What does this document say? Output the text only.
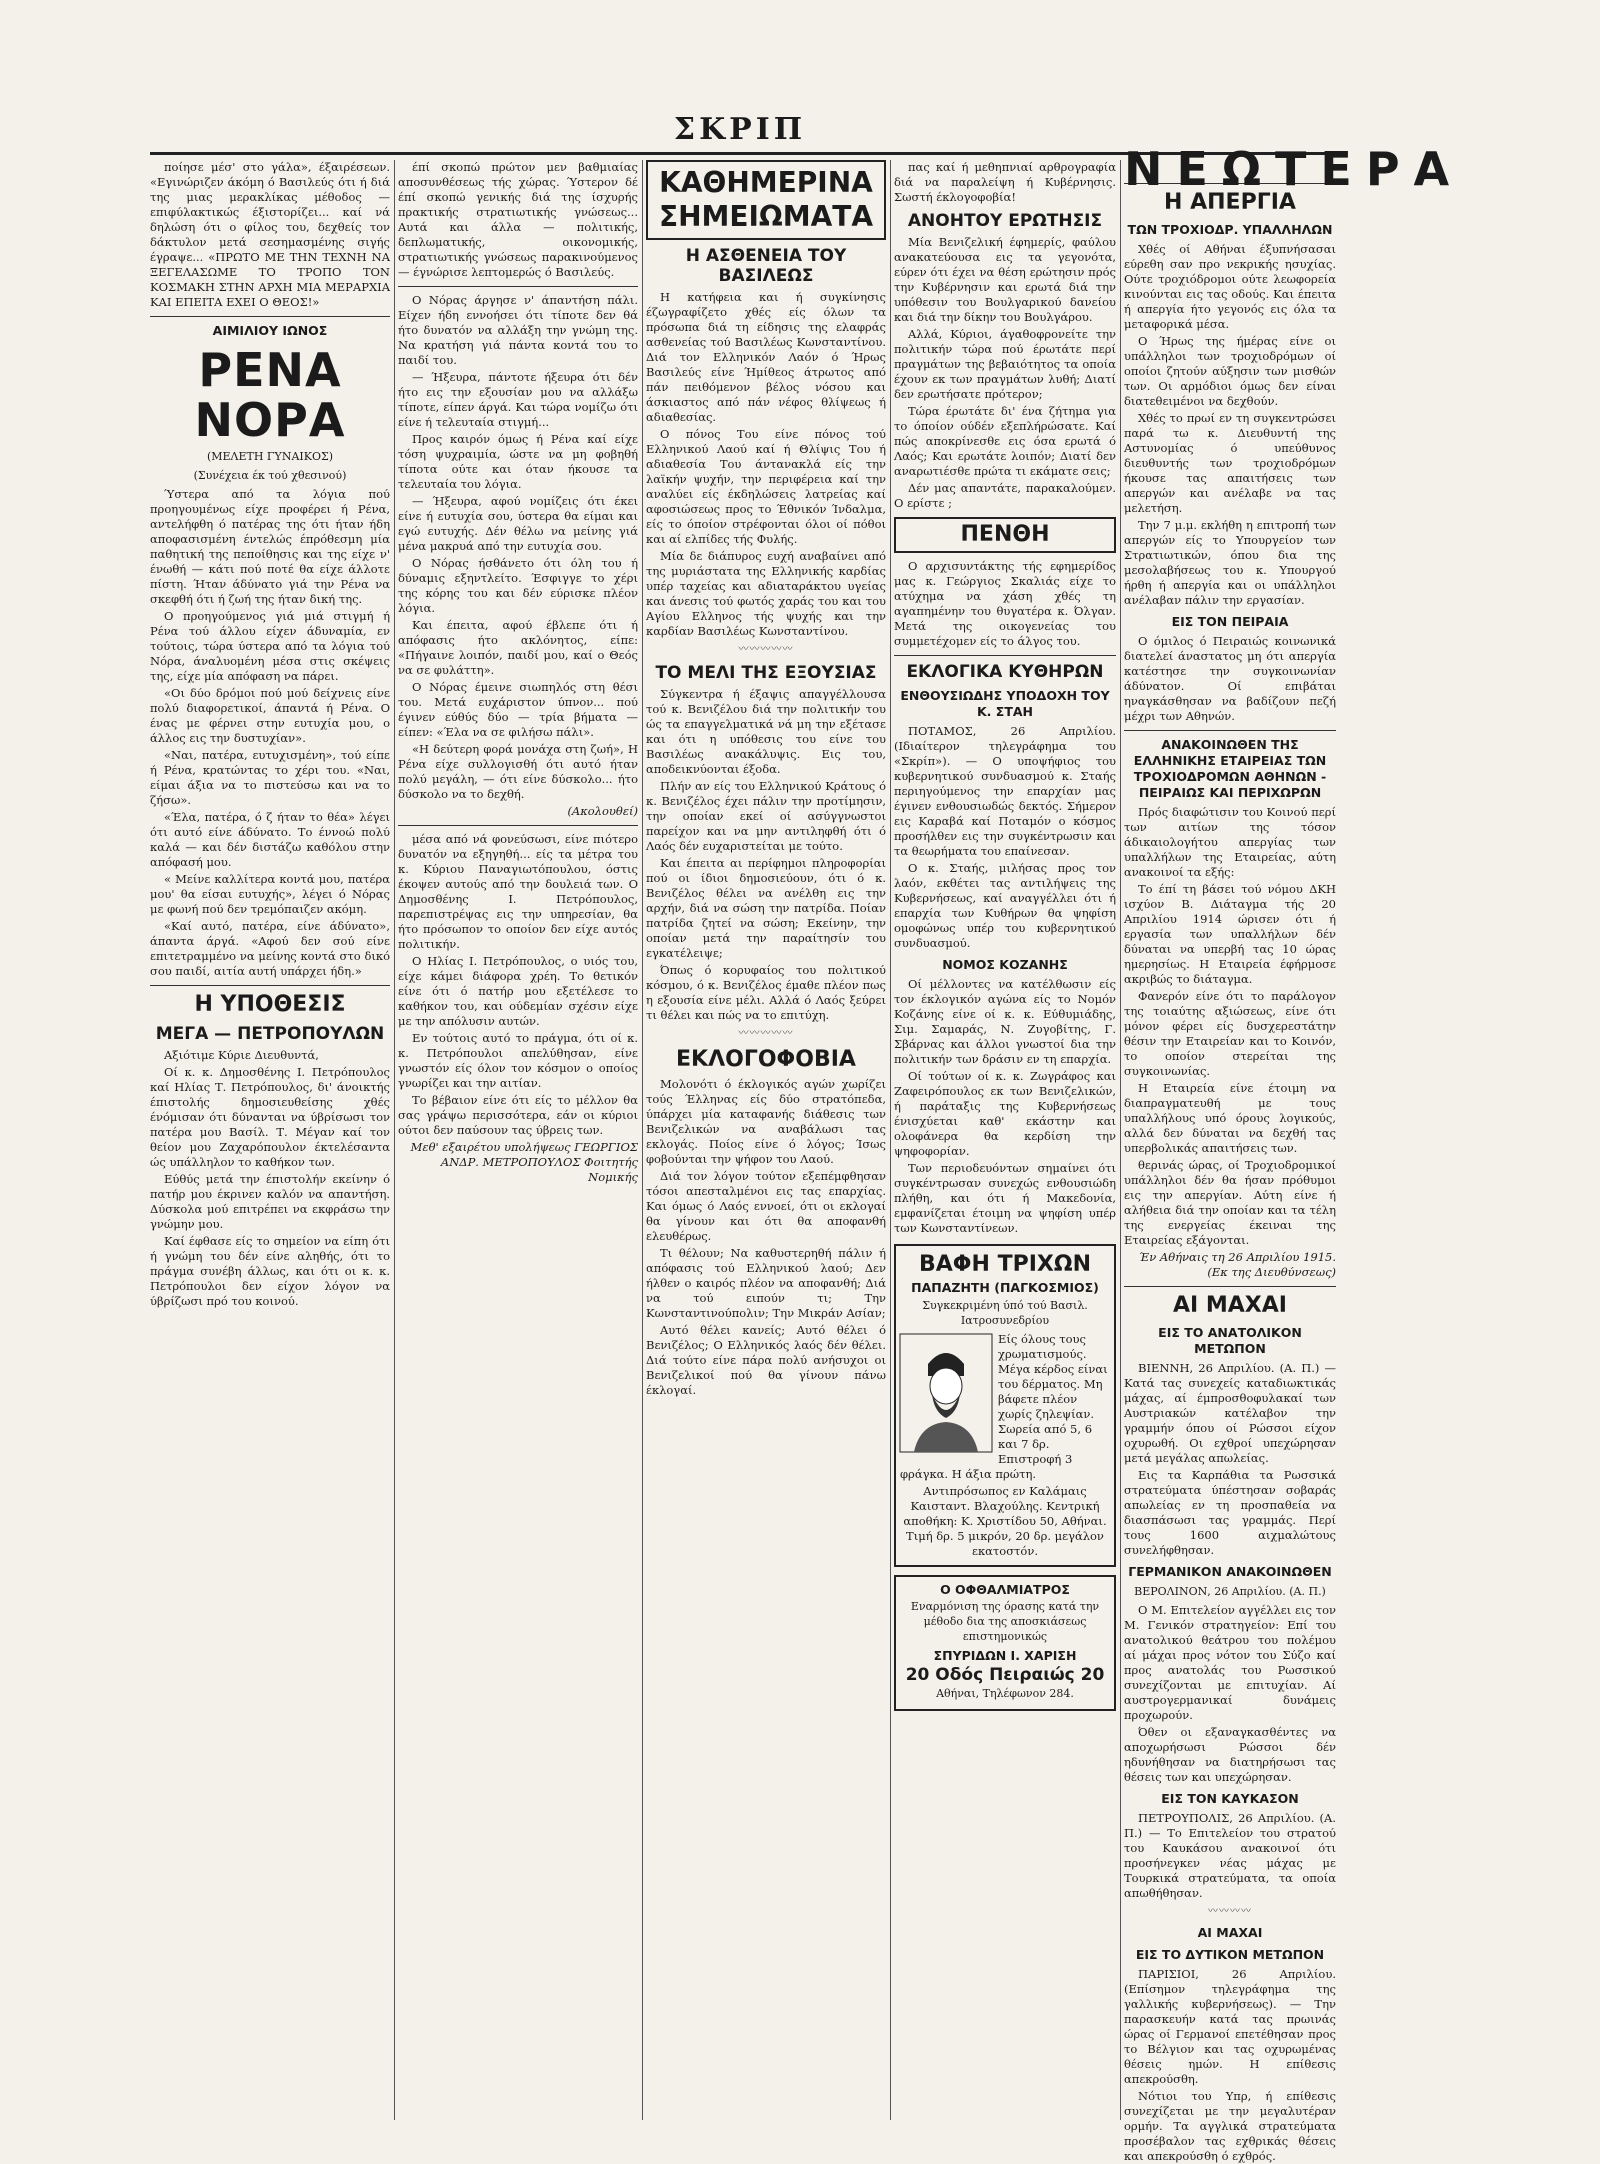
ΣΚΡΙΠ

ποίησε μέσ' στο γάλα», έξαιρέσεων. «Εγινώριζεν άκόμη ό Βασιλεύς ότι ή διά της μιας μερακλίκας μέθοδος — επιφύλακτικώς έξιστορίζει... καί νά δηλώση ότι ο φίλος του, δεχθείς τον δάκτυλον μετά σεσημασμένης σιγής έγραψε... «ΠΡΩΤΟ ΜΕ ΤΗΝ ΤΕΧΝΗ ΝΑ ΞΕΓΕΛΑΣΩΜΕ ΤΟ ΤΡΟΠΟ ΤΟΝ ΚΟΣΜΑΚΗ ΣΤΗΝ ΑΡΧΗ ΜΙΑ ΜΕΡΑΡΧΙΑ ΚΑΙ ΕΠΕΙΤΑ ΕΧΕΙ Ο ΘΕΟΣ!»

ΑΙΜΙΛΙΟΥ ΙΩΝΟΣ
ΡΕΝΑ ΝΟΡΑ
(ΜΕΛΕΤΗ ΓΥΝΑΙΚΟΣ)
(Συνέχεια έκ τού χθεσινού)

Ύστερα από τα λόγια πού προηγουμένως είχε προφέρει ή Ρένα, αντελήφθη ό πατέρας της ότι ήταν ήδη αποφασισμένη έντελώς έπρόθεσμη μία παθητική της πεποίθησις και της είχε ν' ένωθή — κάτι πού ποτέ θα είχε άλλοτε πίστη. Ήταν άδύνατο γιά την Ρένα να σκεφθή ότι ή ζωή της ήταν δική της.

Ο προηγούμενος γιά μιά στιγμή ή Ρένα τού άλλου είχεν άδυναμία, εν τούτοις, τώρα ύστερα από τα λόγια τού Νόρα, άναλυομένη μέσα στις σκέψεις της, είχε μία απόφαση να πάρει.

«Οι δύο δρόμοι πού μού δείχνεις είνε πολύ διαφορετικοί, άπαντά ή Ρένα. Ο ένας με φέρνει στην ευτυχία μου, ο άλλος εις την δυστυχίαν».

«Ναι, πατέρα, ευτυχισμένη», τού είπε ή Ρένα, κρατώντας το χέρι του. «Ναι, είμαι άξια να το πιστεύσω και να το ζήσω».

«Έλα, πατέρα, ό ζ ήταν το θέα» λέγει ότι αυτό είνε άδύνατο. Το έννοώ πολύ καλά — και δέν διστάζω καθόλου στην απόφασή μου.

« Μείνε καλλίτερα κοντά μου, πατέρα μου' θα είσαι ευτυχής», λέγει ό Νόρας με φωνή πού δεν τρεμόπαιζεν ακόμη.

«Καί αυτό, πατέρα, είνε άδύνατο», άπαντα άργά. «Αφού δεν σού είνε επιτετραμμένο να μείνης κοντά στο δικό σου παιδί, αιτία αυτή υπάρχει ήδη.»

Η ΥΠΟΘΕΣΙΣ
ΜΕΓΑ — ΠΕΤΡΟΠΟΥΛΩΝ

Αξιότιμε Κύριε Διευθυντά,

Οί κ. κ. Δημοσθένης Ι. Πετρόπουλος καί Ηλίας Τ. Πετρόπουλος, δι' άνοικτής έπιστολής δημοσιευθείσης χθές ένόμισαν ότι δύνανται να ύβρίσωσι τον πατέρα μου Βασίλ. Τ. Μέγαν καί τον θείον μου Ζαχαρόπουλον έκτελέσαντα ώς υπάλληλον το καθήκον των.

Εύθύς μετά την έπιστολήν εκείνην ό πατήρ μου έκρινεν καλόν να απαντήση. Δύσκολα μού επιτρέπει να εκφράσω την γνώμην μου.

Καί έφθασε είς το σημείον να είπη ότι ή γνώμη του δέν είνε αληθής, ότι το πράγμα συνέβη άλλως, και ότι οι κ. κ. Πετρόπουλοι δεν είχον λόγον να ύβρίζωσι πρό του κοινού.

έπί σκοπώ πρώτον μεν βαθμιαίας αποσυνθέσεως τής χώρας. Ύστερον δέ έπί σκοπώ γενικής διά της ίσχυρής πρακτικής στρατιωτικής γνώσεως... Αυτά και άλλα — πολιτικής, δεπλωματικής, οικονομικής, στρατιωτικής γνώσεως παρακινούμενος — έγνώρισε λεπτομερώς ό Βασιλεύς.

Ο Νόρας άργησε ν' άπαντήση πάλι. Είχεν ήδη εννοήσει ότι τίποτε δεν θά ήτο δυνατόν να αλλάξη την γνώμη της. Να κρατήση γιά πάντα κοντά του το παιδί του.

— Ήξευρα, πάντοτε ήξευρα ότι δέν ήτο εις την εξουσίαν μου να αλλάξω τίποτε, είπεν άργά. Και τώρα νομίζω ότι είνε ή τελευταία στιγμή...

Προς καιρόν όμως ή Ρένα καί είχε τόση ψυχραιμία, ώστε να μη φοβηθή τίποτα ούτε και όταν ήκουσε τα τελευταία του λόγια.

— Ήξευρα, αφού νομίζεις ότι έκει είνε ή ευτυχία σου, ύστερα θα είμαι και εγώ ευτυχής. Δέν θέλω να μείνης γιά μένα μακρυά από την ευτυχία σου.

Ο Νόρας ήσθάνετο ότι όλη του ή δύναμις εξηντλείτο. Έσφιγγε το χέρι της κόρης του και δέν εύρισκε πλέον λόγια.

Και έπειτα, αφού έβλεπε ότι ή απόφασις ήτο ακλόνητος, είπε: «Πήγαινε λοιπόν, παιδί μου, καί ο Θεός να σε φυλάττη».

Ο Νόρας έμεινε σιωπηλός στη θέσι του. Μετά ευχάριστον ύπνον... πού έγινεν εύθύς δύο — τρία βήματα — είπεν: «Έλα να σε φιλήσω πάλι».

«Η δεύτερη φορά μονάχα στη ζωή», Η Ρένα είχε συλλογισθή ότι αυτό ήταν πολύ μεγάλη, — ότι είνε δύσκολο... ήτο δύσκολο να το δεχθή.

(Ακολουθεί)

μέσα από νά φονεύσωσι, είνε πιότερο δυνατόν να εξηγηθή... είς τα μέτρα του κ. Κύριου Παναγιωτόπουλου, όστις έκοψεν αυτούς από την δουλειά των. Ο Δημοσθένης Ι. Πετρόπουλος, παρεπιστρέψας εις την υπηρεσίαν, θα ήτο πρόσωπον το οποίον δεν είχε αυτός πολιτικήν.

Ο Ηλίας Ι. Πετρόπουλος, ο υιός του, είχε κάμει διάφορα χρέη. Το θετικόν είνε ότι ό πατήρ μου εξετέλεσε το καθήκον του, και ούδεμίαν σχέσιν είχε με την απόλυσιν αυτών.

Εν τούτοις αυτό το πράγμα, ότι οί κ. κ. Πετρόπουλοι απελύθησαν, είνε γνωστόν είς όλον τον κόσμον ο οποίος γνωρίζει και την αιτίαν.

Το βέβαιον είνε ότι είς το μέλλον θα σας γράψω περισσότερα, εάν οι κύριοι ούτοι δεν παύσουν τας ύβρεις των.

Μεθ' εξαιρέτου υπολήψεως ΓΕΩΡΓΙΟΣ ΑΝΔΡ. ΜΕΤΡΟΠΟΥΛΟΣ Φοιτητής Νομικής
ΚΑΘΗΜΕΡΙΝΑ
ΣΗΜΕΙΩΜΑΤΑ
Η ΑΣΘΕΝΕΙΑ ΤΟΥ ΒΑΣΙΛΕΩΣ

Η κατήφεια και ή συγκίνησις έζωγραφίζετο χθές είς όλων τα πρόσωπα διά τη είδησις της ελαφράς ασθενείας τού Βασιλέως Κωνσταντίνου. Διά τον Ελληνικόν Λαόν ό Ήρως Βασιλεύς είνε Ήμίθεος άτρωτος από πάν πειθόμενον βέλος νόσου και άσκιαστος από πάν νέφος θλίψεως ή αδιαθεσίας.

Ο πόνος Του είνε πόνος τού Ελληνικού Λαού καί ή Θλίψις Του ή αδιαθεσία Του άντανακλά είς την λαϊκήν ψυχήν, την περιφέρεια καί την αναλύει είς έκδηλώσεις λατρείας καί αφοσιώσεως προς το Έθνικόν Ίνδαλμα, είς το όποίον στρέφονται όλοι οί πόθοι και αί ελπίδες τής Φυλής.

Μία δε διάπυρος ευχή αναβαίνει από της μυριάστατα της Ελληνικής καρδίας υπέρ ταχείας και αδιαταράκτου υγείας και άνεσις τού φωτός χαράς του και του Αγίου Ελληνος τής ψυχής και την καρδίαν Βασιλέως Κωνσταντίνου.

〰〰〰〰〰
ΤΟ ΜΕΛΙ ΤΗΣ ΕΞΟΥΣΙΑΣ

Σύγκεντρα ή έξαψις απαγγέλλουσα τού κ. Βενιζέλου διά την πολιτικήν του ώς τα επαγγελματικά νά μη την εξέτασε και ότι η υπόθεσις του είνε του Βασιλέως ανακάλυψις. Εις του, αποδεικνύονται έξοδα.

Πλήν αν είς του Ελληνικού Κράτους ό κ. Βενιζέλος έχει πάλιν την προτίμησιν, την οποίαν εκεί οί ασύγγνωστοι παρείχον και να μην αντιληφθή ότι ό Λαός δέν ευχαριστείται με τούτο.

Και έπειτα αι περίφημοι πληροφορίαι πού οι ίδιοι δημοσιεύουν, ότι ό κ. Βενιζέλος θέλει να ανέλθη εις την αρχήν, διά να σώση την πατρίδα. Ποίαν πατρίδα ζητεί να σώση; Εκείνην, την οποίαν μετά την παραίτησίν του εγκατέλειψε;

Όπως ό κορυφαίος του πολιτικού κόσμου, ό κ. Βενιζέλος έμαθε πλέον πως η εξουσία είνε μέλι. Αλλά ό Λαός ξεύρει τι θέλει και πώς να το επιτύχη.

〰〰〰〰〰
ΕΚΛΟΓΟΦΟΒΙΑ

Μολονότι ό έκλογικός αγών χωρίζει τούς Έλληνας είς δύο στρατόπεδα, ύπάρχει μία καταφανής διάθεσις των Βενιζελικών να αναβάλωσι τας εκλογάς. Ποίος είνε ό λόγος; Ίσως φοβούνται την ψήφον του Λαού.

Διά τον λόγον τούτον εξεπέμφθησαν τόσοι απεσταλμένοι εις τας επαρχίας. Και όμως ό Λαός εννοεί, ότι οι εκλογαί θα γίνουν και ότι θα αποφανθή ελευθέρως.

Τι θέλουν; Να καθυστερηθή πάλιν ή απόφασις τού Ελληνικού λαού; Δεν ήλθεν ο καιρός πλέον να αποφανθή; Διά να τού ειπούν τι; Την Κωνσταντινούπολιν; Την Μικράν Ασίαν;

Αυτό θέλει κανείς; Αυτό θέλει ό Βενιζέλος; Ο Ελληνικός λαός δέν θέλει. Διά τούτο είνε πάρα πολύ ανήσυχοι οι Βενιζελικοί πού θα γίνουν πάνω έκλογαί.

πας καί ή μεθηπνιαί αρθρογραφία διά να παραλείψη ή Κυβέρνησις. Σωστή έκλογοφοβία!

ΑΝΟΗΤΟΥ ΕΡΩΤΗΣΙΣ

Μία Βενιζελική έφημερίς, φαύλου ανακατεύουσα εις τα γεγονότα, εύρεν ότι έχει να θέση ερώτησιν πρός την Κυβέρνησιν και ερωτά διά την υπόθεσιν του Βουλγαρικού δανείου και διά την δίκην του Βουλγάρου.

Αλλά, Κύριοι, άγαθοφρονείτε την πολιτικήν τώρα πού έρωτάτε περί πραγμάτων της βεβαιότητος τα οποία έχουν εκ των πραγμάτων λυθή; Διατί δεν ερωτήσατε πρότερον;

Τώρα έρωτάτε δι' ένα ζήτημα για το όποίον ούδέν εξεπλήρώσατε. Καί πώς αποκρίνεσθε εις όσα ερωτά ό Λαός; Και ερωτάτε λοιπόν; Διατί δεν αναρωτιέσθε πρώτα τι εκάματε σεις;

Δέν μας απαντάτε, παρακαλούμεν. Ο ερίστε ;

ΠΕΝΘΗ

Ο αρχισυντάκτης τής εφημερίδος μας κ. Γεώργιος Σκαλιάς είχε το ατύχημα να χάση χθές τη αγαπημένην του θυγατέρα κ. Όλγαν. Μετά της οικογενείας του συμμετέχομεν είς το άλγος του.

ΕΚΛΟΓΙΚΑ ΚΥΘΗΡΩΝ
ΕΝΘΟΥΣΙΩΔΗΣ ΥΠΟΔΟΧΗ ΤΟΥ Κ. ΣΤΑΗ

ΠΟΤΑΜΟΣ, 26 Απριλίου. (Ιδιαίτερον τηλεγράφημα του «Σκρίπ»). — Ο υποψήφιος του κυβερνητικού συνδυασμού κ. Σταής περιηγούμενος την επαρχίαν μας έγινεν ενθουσιωδώς δεκτός. Σήμερον εις Καραβά καί Ποταμόν ο κόσμος προσήλθεν εις την συγκέντρωσιν και τα θεωρήματα του επαίνεσαν.

Ο κ. Σταής, μιλήσας προς τον λαόν, εκθέτει τας αντιλήψεις της Κυβερνήσεως, καί αναγγέλλει ότι ή επαρχία των Κυθήρων θα ψηφίση ομοφώνως υπέρ του κυβερνητικού συνδυασμού.

ΝΟΜΟΣ ΚΟΖΑΝΗΣ

Οί μέλλοντες να κατέλθωσιν είς τον έκλογικόν αγώνα είς το Νομόν Κοζάνης είνε οί κ. κ. Εύθυμιάδης, Σιμ. Σαμαράς, Ν. Ζυγοβίτης, Γ. Σβάρνας και άλλοι γνωστοί δια την πολιτικήν των δράσιν εν τη επαρχία.

Οί τούτων οί κ. κ. Ζωγράφος και Ζαφειρόπουλος εκ των Βενιζελικών, ή παράταξις της Κυβερνήσεως ένισχύεται καθ' εκάστην και ολοφάνερα θα κερδίση την ψηφοφορίαν.

Των περιοδευόντων σημαίνει ότι συγκέντρωσαν συνεχώς ενθουσιώδη πλήθη, και ότι ή Μακεδονία, εμφανίζεται έτοιμη να ψηφίση υπέρ των Κωνσταντίνεων.

ΒΑΦΗ ΤΡΙΧΩΝ
ΠΑΠΑΖΗΤΗ (ΠΑΓΚΟΣΜΙΟΣ)
Συγκεκριμένη ύπό τού Βασιλ. Ιατροσυνεδρίου

Είς όλους τους χρωματισμούς. Μέγα κέρδος είναι του δέρματος. Μη βάφετε πλέον χωρίς ζηλεψίαν. Σωρεία από 5, 6 και 7 δρ. Επιστροφή 3 φράγκα. Η άξια πρώτη.

Αντιπρόσωπος εν Καλάμαις Καισταντ. Βλαχούλης. Κεντρική αποθήκη: Κ. Χριστίδου 50, Αθήναι. Τιμή δρ. 5 μικρόν, 20 δρ. μεγάλον εκατοστόν.

Ο ΟΦΘΑΛΜΙΑΤΡΟΣ
Εναρμόνιση της όρασης κατά την μέθοδο δια της αποσκιάσεως επιστημονικώς
ΣΠΥΡΙΔΩΝ Ι. ΧΑΡΙΣΗ
20 Οδός Πειραιώς 20
Αθήναι, Τηλέφωνον 284.
ΝΕΩΤΕΡΑ
Η ΑΠΕΡΓΙΑ
ΤΩΝ ΤΡΟΧΙΟΔΡ. ΥΠΑΛΛΗΛΩΝ

Χθές οί Αθήναι έξυπνήσασαι εύρεθη σαν προ νεκρικής ησυχίας. Ούτε τροχιόδρομοι ούτε λεωφορεία κινούνται εις τας οδούς. Και έπειτα ή απεργία ήτο γεγονός εις όλα τα μεταφορικά μέσα.

Ο Ήρως της ήμέρας είνε οι υπάλληλοι των τροχιοδρόμων οί οποίοι ζητούν αύξησιν των μισθών των. Οι αρμόδιοι όμως δεν είναι διατεθειμένοι να δεχθούν.

Χθές το πρωί εν τη συγκεντρώσει παρά τω κ. Διευθυντή της Αστυνομίας ό υπεύθυνος διευθυντής των τροχιοδρόμων ήκουσε τας απαιτήσεις των απεργών και ανέλαβε να τας μελετήση.

Την 7 μ.μ. εκλήθη η επιτροπή των απεργών είς το Υπουργείον των Στρατιωτικών, όπου δια της μεσολαβήσεως του κ. Υπουργού ήρθη ή απεργία και οι υπάλληλοι ανέλαβαν πάλιν την εργασίαν.

ΕΙΣ ΤΟΝ ΠΕΙΡΑΙΑ

Ο όμιλος ό Πειραιώς κοινωνικά διατελεί άναστατος μη ότι απεργία κατέστησε την συγκοινωνίαν άδύνατον. Οί επιβάται ηναγκάσθησαν να βαδίζουν πεζή μέχρι των Αθηνών.

ΑΝΑΚΟΙΝΩΘΕΝ ΤΗΣ ΕΛΛΗΝΙΚΗΣ ΕΤΑΙΡΕΙΑΣ ΤΩΝ ΤΡΟΧΙΟΔΡΟΜΩΝ ΑΘΗΝΩΝ - ΠΕΙΡΑΙΩΣ ΚΑΙ ΠΕΡΙΧΩΡΩΝ

Πρός διαφώτισιν του Κοινού περί των αιτίων της τόσον άδικαιολογήτου απεργίας των υπαλλήλων της Εταιρείας, αύτη ανακοινοί τα εξής:

Το έπί τη βάσει τού νόμου ΔΚΗ ισχύον Β. Διάταγμα τής 20 Απριλίου 1914 ώρισεν ότι ή εργασία των υπαλλήλων δέν δύναται να υπερβή τας 10 ώρας ημερησίως. Η Εταιρεία έφήρμοσε ακριβώς το διάταγμα.

Φανερόν είνε ότι το παράλογον της τοιαύτης αξιώσεως, είνε ότι μόνον φέρει είς δυσχερεστάτην θέσιν την Εταιρείαν και το Κοινόν, το οποίον στερείται της συγκοινωνίας.

Η Εταιρεία είνε έτοιμη να διαπραγματευθή με τους υπαλλήλους υπό όρους λογικούς, αλλά δεν δύναται να δεχθή τας υπερβολικάς απαιτήσεις των.

θερινάς ώρας, οί Τροχιοδρομικοί υπάλληλοι δέν θα ήσαν πρόθυμοι εις την απεργίαν. Αύτη είνε ή αλήθεια διά την οποίαν και τα τέλη της ενεργείας έκειναι της Εταιρείας εξάγονται.

Έν Αθήναις τη 26 Απριλίου 1915. (Εκ της Διευθύνσεως)
ΑΙ ΜΑΧΑΙ
ΕΙΣ ΤΟ ΑΝΑΤΟΛΙΚΟΝ ΜΕΤΩΠΟΝ

ΒΙΕΝΝΗ, 26 Απριλίου. (Α. Π.) — Κατά τας συνεχείς καταδιωκτικάς μάχας, αί έμπροσθοφυλακαί των Αυστριακών κατέλαβον την γραμμήν όπου οί Ρώσσοι είχον οχυρωθή. Οι εχθροί υπεχώρησαν μετά μεγάλας απωλείας.

Εις τα Καρπάθια τα Ρωσσικά στρατεύματα ύπέστησαν σοβαράς απωλείας εν τη προσπαθεία να διασπάσωσι τας γραμμάς. Περί τους 1600 αιχμαλώτους συνελήφθησαν.

ΓΕΡΜΑΝΙΚΟΝ ΑΝΑΚΟΙΝΩΘΕΝ
ΒΕΡΟΛΙΝΟΝ, 26 Απριλίου. (Α. Π.)

Ο Μ. Επιτελείον αγγέλλει εις τον Μ. Γενικόν στρατηγείον: Επί του ανατολικού θεάτρου του πολέμου αί μάχαι προς νότον του Σύζο καί προς ανατολάς του Ρωσσικού συνεχίζονται με επιτυχίαν. Αί αυστρογερμανικαί δυνάμεις προχωρούν.

Όθεν οι εξαναγκασθέντες να αποχωρήσωσι Ρώσσοι δέν ηδυνήθησαν να διατηρήσωσι τας θέσεις των και υπεχώρησαν.

ΕΙΣ ΤΟΝ ΚΑΥΚΑΣΟΝ

ΠΕΤΡΟΥΠΟΛΙΣ, 26 Απριλίου. (Α. Π.) — Το Επιτελείον του στρατού του Καυκάσου ανακοινοί ότι προσήνεγκεν νέας μάχας με Τουρκικά στρατεύματα, τα οποία απωθήθησαν.

〰〰〰〰
ΑΙ ΜΑΧΑΙ
ΕΙΣ ΤΟ ΔΥΤΙΚΟΝ ΜΕΤΩΠΟΝ

ΠΑΡΙΣΙΟΙ, 26 Απριλίου. (Επίσημον τηλεγράφημα της γαλλικής κυβερνήσεως). — Την παρασκευήν κατά τας πρωινάς ώρας οί Γερμανοί επετέθησαν προς το Βέλγιον και τας οχυρωμένας θέσεις ημών. Η επίθεσις απεκρούσθη.

Νότιοι του Υπρ, ή επίθεσις συνεχίζεται με την μεγαλυτέραν ορμήν. Τα αγγλικά στρατεύματα προσέβαλον τας εχθρικάς θέσεις και απεκρούσθη ό εχθρός.
